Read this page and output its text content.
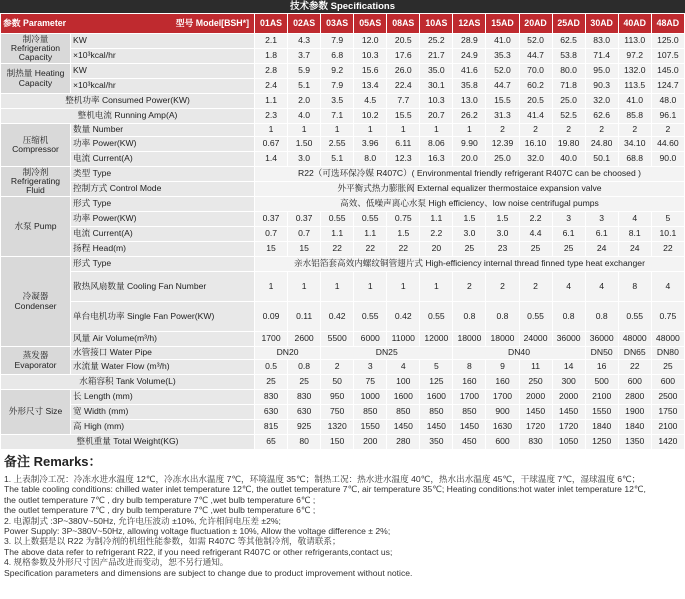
技术参数 Specifications
型号 Model[BSH*]
参数 Parameter		01AS	02AS	03AS	05AS	08AS	10AS	12AS	15AD	20AD	25AD	30AD	40AD	48AD
制冷量 Refrigeration Capacity	KW	2.1	4.3	7.9	12.0	20.5	25.2	28.9	41.0	52.0	62.5	83.0	113.0	125.0
	×10³kcal/hr	1.8	3.7	6.8	10.3	17.6	21.7	24.9	35.3	44.7	53.8	71.4	97.2	107.5
制热量 Heating Capacity	KW	2.8	5.9	9.2	15.6	26.0	35.0	41.6	52.0	70.0	80.0	95.0	132.0	145.0
	×10³kcal/hr	2.4	5.1	7.9	13.4	22.4	30.1	35.8	44.7	60.2	71.8	90.3	113.5	124.7
整机功率 Consumed Power(KW)		1.1	2.0	3.5	4.5	7.7	10.3	13.0	15.5	20.5	25.0	32.0	41.0	48.0
整机电流 Running Amp(A)		2.3	4.0	7.1	10.2	15.5	20.7	26.2	31.3	41.4	52.5	62.6	85.8	96.1
压缩机 Compressor	数量 Number	1	1	1	1	1	1	1	2	2	2	2	2	2
	功率 Power(KW)	0.67	1.50	2.55	3.96	6.11	8.06	9.90	12.39	16.10	19.80	24.80	34.10	44.60
	电流 Current(A)	1.4	3.0	5.1	8.0	12.3	16.3	20.0	25.0	32.0	40.0	50.1	68.8	90.0
制冷剂 Refrigerating Fluid	类型 Type	R22（可选环保冷媒 R407C）( Environmental friendly refrigerant R407C can be choosed )												
	控制方式 Control Mode	外平衡式热力膨胀阀 External equalizer thermostaice expansion valve												
水泵 Pump	形式 Type	高效、低噪声离心水泵 High efficiency、low noise centrifugal pumps												
	功率 Power(KW)	0.37	0.37	0.55	0.55	0.75	1.1	1.5	1.5	2.2	3	3	4	5
	电流 Current(A)	0.7	0.7	1.1	1.1	1.5	2.2	3.0	3.0	4.4	6.1	6.1	8.1	10.1
	扬程 Head(m)	15	15	22	22	22	20	25	23	25	25	24	24	22
冷凝器 Condenser	形式 Type	亲水铝箔套高效内螺纹铜管翅片式 High-efficiency internal thread finned type heat exchanger												
	散热风扇数量 Cooling Fan Number	1	1	1	1	1	1	2	2	2	4	4	8	4
	单台电机功率 Single Fan Power(KW)	0.09	0.11	0.42	0.55	0.42	0.55	0.8	0.8	0.55	0.8	0.8	0.55	0.75
	风量 Air Volume(m³/h)	1700	2600	5500	6000	11000	12000	18000	18000	24000	36000	36000	48000	48000
蒸发器 Evaporator	水管接口 Water Pipe	DN20		DN25				DN40				DN50	DN65	DN80
	水流量 Water Flow (m³/h)	0.5	0.8	2	3	4	5	8	9	11	14	16	22	25
水箱容积 Tank Volume(L)		25	25	50	75	100	125	160	160	250	300	500	600	600
外形尺寸 Size	长 Length (mm)	830	830	950	1000	1600	1600	1700	1700	2000	2000	2100	2800	2500
	宽 Width (mm)	630	630	750	850	850	850	850	900	1450	1450	1550	1900	1750
	高 High (mm)	815	925	1320	1550	1450	1450	1450	1630	1720	1720	1840	1840	2100
整机重量 Total Weight(KG)		65	80	150	200	280	350	450	600	830	1050	1250	1350	1420
备注 Remarks：
1. 上表制冷工况：冷冻水进水温度 12℃，冷冻水出水温度 7℃，环境温度 35℃；制热工况：热水进水温度 40℃，热水出水温度 45℃，干球温度 7℃，湿球温度 6℃；
The table cooling conditions: chilled water inlet temperature 12℃, the outlet temperature 7℃, air temperature 35℃; Heating conditions:hot water inlet temperature 12℃,
the outlet temperature 7℃ , dry bulb temperature 7℃ ,wet bulb temperature 6℃ ;
the outlet temperature 7℃ , dry bulb temperature 7℃ ,wet bulb temperature 6℃ ;
2. 电源制式 :3P~380V~50Hz, 允许电压波动 ±10%, 允许相间电压差 ±2%;
Power Supply: 3P~380V~50Hz, allowing voltage fluctuation ± 10%, Allow the voltage difference ± 2%;
3. 以上数据是以 R22 为制冷剂的机组性能参数，如需 R407C 等其他制冷剂，敬请联系；
The above data refer to refrigerant R22, if you need refrigerant R407C or other refrigerants,contact us;
4. 规格参数及外形尺寸因产品改进而变动，恕不另行通知。
Specification parameters and dimensions are subject to change due to product improvement without notice.
